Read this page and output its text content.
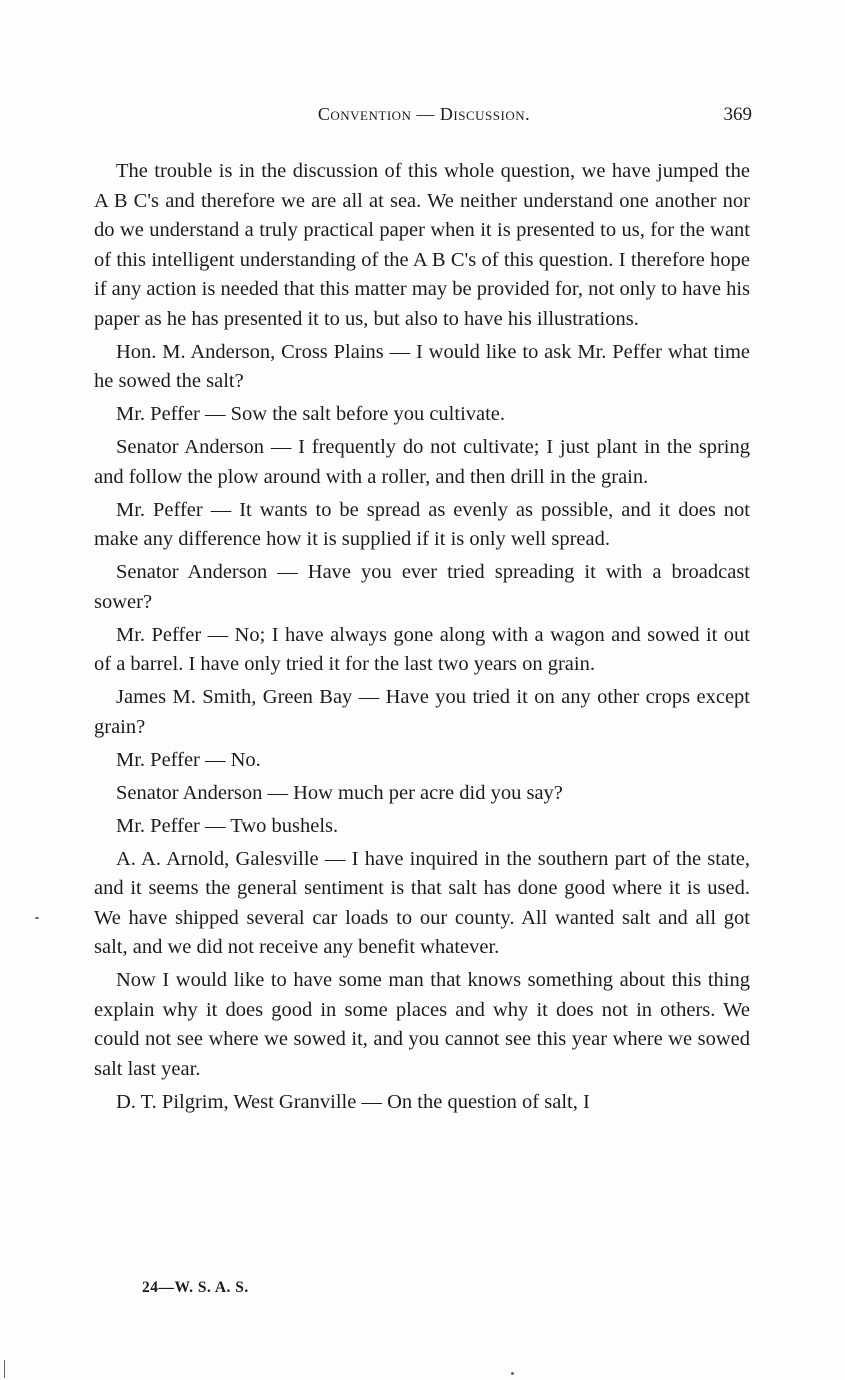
Convention — Discussion.	369

The trouble is in the discussion of this whole question, we have jumped the A B C's and therefore we are all at sea. We neither understand one another nor do we understand a truly practical paper when it is presented to us, for the want of this intelligent understanding of the A B C's of this question. I therefore hope if any action is needed that this matter may be provided for, not only to have his paper as he has presented it to us, but also to have his illustrations.

Hon. M. Anderson, Cross Plains — I would like to ask Mr. Peffer what time he sowed the salt?

Mr. Peffer — Sow the salt before you cultivate.

Senator Anderson — I frequently do not cultivate; I just plant in the spring and follow the plow around with a roller, and then drill in the grain.

Mr. Peffer — It wants to be spread as evenly as possible, and it does not make any difference how it is supplied if it is only well spread.

Senator Anderson — Have you ever tried spreading it with a broadcast sower?

Mr. Peffer — No; I have always gone along with a wagon and sowed it out of a barrel. I have only tried it for the last two years on grain.

James M. Smith, Green Bay — Have you tried it on any other crops except grain?

Mr. Peffer — No.

Senator Anderson — How much per acre did you say?

Mr. Peffer — Two bushels.

A. A. Arnold, Galesville — I have inquired in the southern part of the state, and it seems the general sentiment is that salt has done good where it is used. We have shipped several car loads to our county. All wanted salt and all got salt, and we did not receive any benefit whatever.

Now I would like to have some man that knows something about this thing explain why it does good in some places and why it does not in others. We could not see where we sowed it, and you cannot see this year where we sowed salt last year.

D. T. Pilgrim, West Granville — On the question of salt, I

24—W. S. A. S.
